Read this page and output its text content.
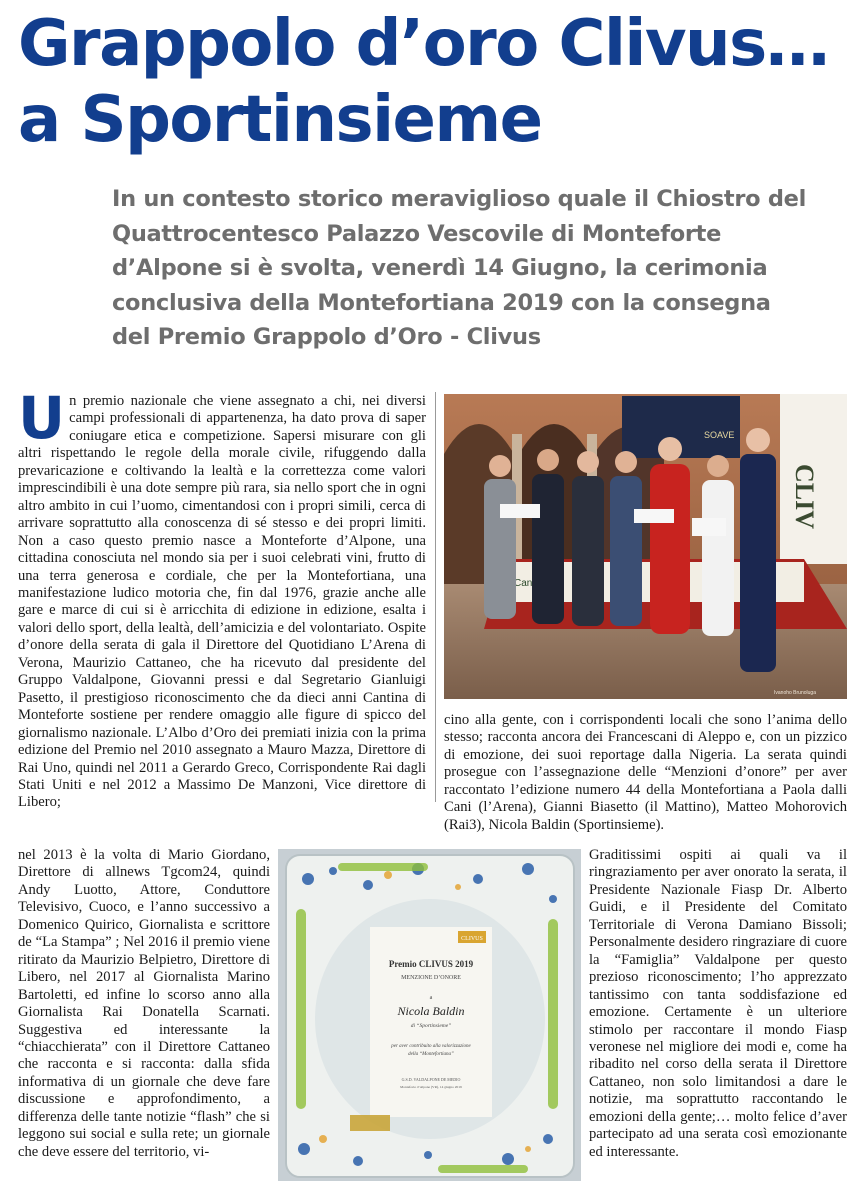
Grappolo d’oro Clivus…
a Sportinsieme
In un contesto storico meraviglioso quale il Chiostro del Quattrocentesco Palazzo Vescovile di Monteforte d’Alpone si è svolta, venerdì 14 Giugno, la cerimonia conclusiva della Montefortiana 2019 con la consegna del Premio Grappolo d’Oro - Clivus

Un premio nazionale che viene assegnato a chi, nei diversi campi professionali di appartenenza, ha dato prova di saper coniugare etica e competizione. Sapersi misurare con gli altri rispettando le regole della morale civile, rifuggendo dalla prevaricazione e coltivando la lealtà e la correttezza come valori imprescindibili è una dote sempre più rara, sia nello sport che in ogni altro ambito in cui l’uomo, cimentandosi con i propri simili, cerca di arrivare soprattutto alla conoscenza di sé stesso e dei propri limiti. Non a caso questo premio nasce a Monteforte d’Alpone, una cittadina conosciuta nel mondo sia per i suoi celebrati vini, frutto di una terra generosa e cordiale, che per la Montefortiana, una manifestazione ludico motoria che, fin dal 1976, grazie anche alle gare e marce di cui si è arricchita di edizione in edizione, esalta i valori dello sport, della lealtà, dell’amicizia e del volontariato. Ospite d’onore della serata di gala il Direttore del Quotidiano L’Arena di Verona, Maurizio Cattaneo, che ha ricevuto dal presidente del Gruppo Valdalpone, Giovanni pressi e dal Segretario Gianluigi Pasetto, il prestigioso riconoscimento che da dieci anni Cantina di Monteforte sostiene per rendere omaggio alle figure di spicco del giornalismo nazionale. L’Albo d’Oro dei premiati inizia con la prima edizione del Premio nel 2010 assegnato a Mauro Mazza, Direttore di Rai Uno, quindi nel 2011 a Gerardo Greco, Corrispondente Rai dagli Stati Uniti e nel 2012 a Massimo De Manzoni, Vice direttore di Libero;

nel 2013 è la volta di Mario Giordano, Direttore di allnews Tgcom24, quindi Andy Luotto, Attore, Conduttore Televisivo, Cuoco, e l’anno successivo a Domenico Quirico, Giornalista e scrittore de “La Stampa” ; Nel 2016 il premio viene ritirato da Maurizio Belpietro, Direttore di Libero, nel 2017 al Giornalista Marino Bartoletti, ed infine lo scorso anno alla Giornalista Rai Donatella Scarnati. Suggestiva ed interessante la “chiacchierata” con il Direttore Cattaneo che racconta e si racconta: dalla sfida informativa di un giornale che deve fare discussione e approfondimento, a differenza delle tante notizie “flash” che si leggono sui social e sulla rete; un giornale che deve essere del territorio, vi-

SOAVE
CLIV
Cantina
Ivanoho Brunoluga

cino alla gente, con i corrispondenti locali che sono l’anima dello stesso; racconta ancora dei Francescani di Aleppo e, con un pizzico di emozione, dei suoi reportage dalla Nigeria. La serata quindi prosegue con l’assegnazione delle “Menzioni d’onore” per aver raccontato l’edizione numero 44 della Montefortiana a Paola dalli Cani (l’Arena), Gianni Biasetto (il Mattino), Matteo Mohorovich (Rai3), Nicola Baldin (Sportinsieme).

CLIVUS
Premio CLIVUS 2019
MENZIONE D’ONORE
a
Nicola Baldin
di “Sportinsieme”
per aver contribuito alla valorizzazione
della “Montefortiana”
G.S.D. VALDALPONE DE MEDIO
Monteforte d’Alpone (VR), 14 giugno 2019

Graditissimi ospiti ai quali va il ringraziamento per aver onorato la serata, il Presidente Nazionale Fiasp Dr. Alberto Guidi, e il Presidente del Comitato Territoriale di Verona Damiano Bissoli; Personalmente desidero ringraziare di cuore la “Famiglia” Valdalpone per questo prezioso riconoscimento; l’ho apprezzato tantissimo con tanta soddisfazione ed emozione. Certamente è un ulteriore stimolo per raccontare il mondo Fiasp veronese nel migliore dei modi e, come ha ribadito nel corso della serata il Direttore Cattaneo, non solo limitandosi a dare le notizie, ma soprattutto raccontando le emozioni della gente;… molto felice d’aver partecipato ad una serata così emozionante ed interessante.
